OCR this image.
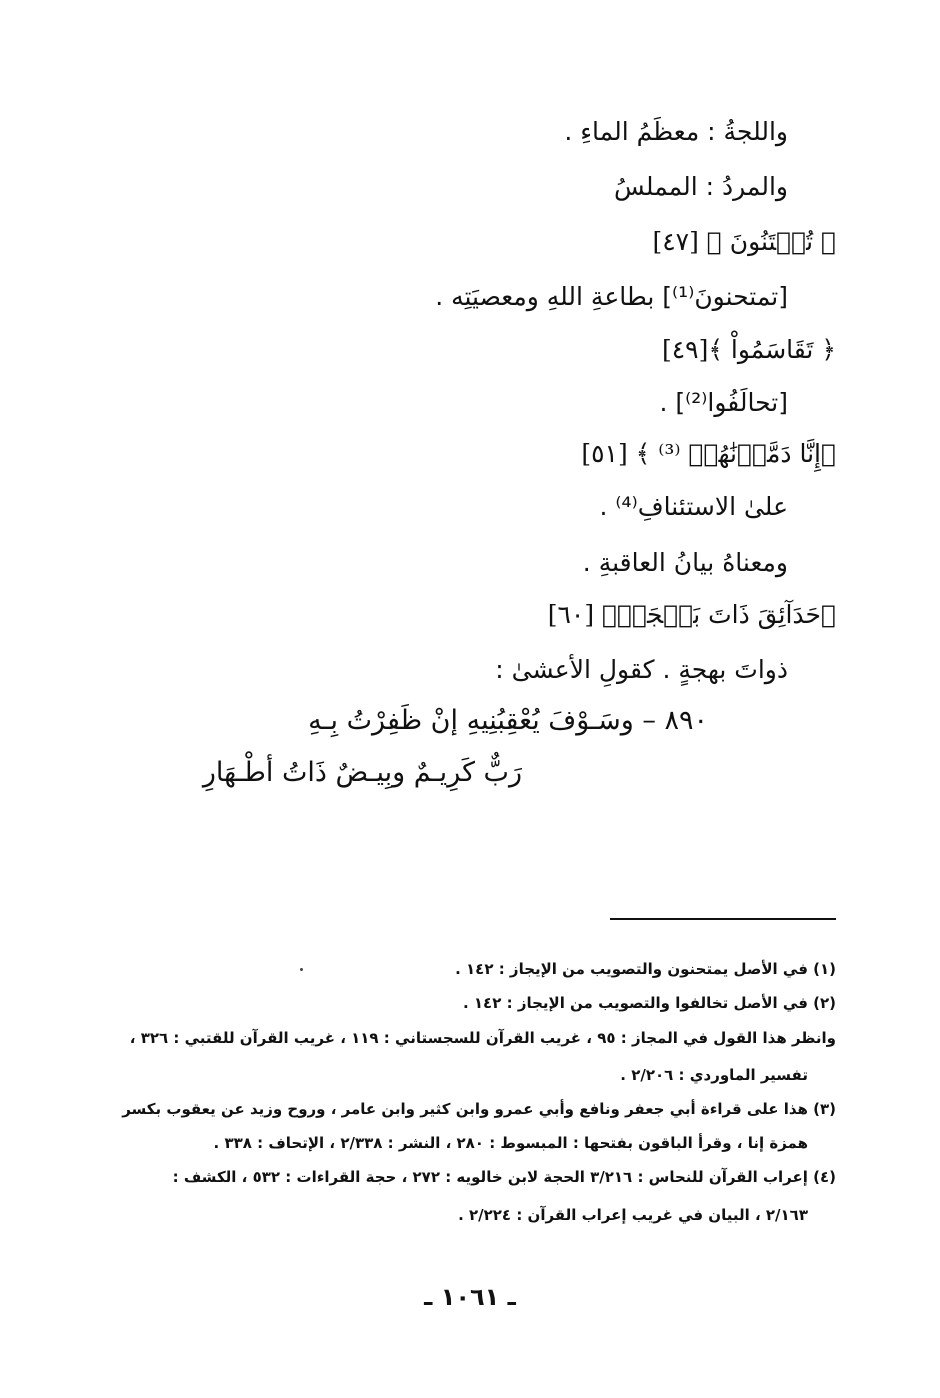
واللجةُ : معظَمُ الماءِ .
والمردُ : المملسُ
﴿ تُفۡتَنُونَ ﴾ [٤٧]
[تمتحنونَ⁽¹⁾] بطاعةِ اللهِ ومعصيَتِه .
﴿ تَقَاسَمُواْ ﴾[٤٩]
[تحالَفُوا⁽²⁾] .
﴿إِنَّا دَمَّرۡنَٰهُمۡ ⁽³⁾ ﴾ [٥١]
علىٰ الاستئنافِ⁽⁴⁾ .
ومعناهُ بيانُ العاقبةِ .
﴿حَدَآئِقَ ذَاتَ بَهۡجَةٖ﴾ [٦٠]
ذواتَ بهجةٍ . كقولِ الأعشىٰ :
٨٩٠ – وسَـوْفَ يُعْقِبُنِيهِ إنْ ظَفِرْتُ بِـهِ
رَبٌّ كَرِيـمٌ وبِيـضٌ ذَاتُ أطْـهَارِ
(١) في الأصل يمتحنون والتصويب من الإيجاز : ١٤٢ .
(٢) في الأصل تخالفوا والتصويب من الإيجاز : ١٤٢ .
وانظر هذا القول في المجاز : ٩٥ ، غريب القرآن للسجستاني : ١١٩ ، غريب القرآن للقتبي : ٣٢٦ ،
تفسير الماوردي : ٢/٢٠٦ .
(٣) هذا على قراءة أبي جعفر ونافع وأبي عمرو وابن كثير وابن عامر ، وروح وزيد عن يعقوب بكسر
همزة إنا ، وقرأ الباقون بفتحها : المبسوط : ٢٨٠ ، النشر : ٢/٣٣٨ ، الإتحاف : ٣٣٨ .
(٤) إعراب القرآن للنحاس : ٣/٢١٦ الحجة لابن خالويه : ٢٧٢ ، حجة القراءات : ٥٣٢ ، الكشف :
٢/١٦٣ ، البيان في غريب إعراب القرآن : ٢/٢٢٤ .
ـ ١٠٦١ ـ
